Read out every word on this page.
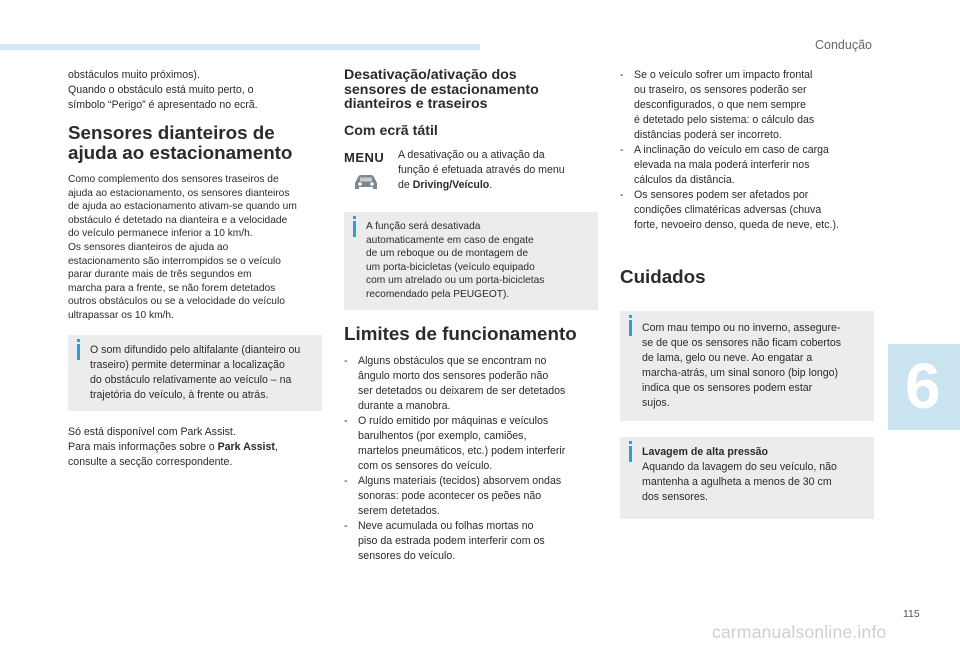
Condução
obstáculos muito próximos).
Quando o obstáculo está muito perto, o
símbolo “Perigo” é apresentado no ecrã.
Sensores dianteiros de
ajuda ao estacionamento
Como complemento dos sensores traseiros de
ajuda ao estacionamento, os sensores dianteiros
de ajuda ao estacionamento ativam-se quando um
obstáculo é detetado na dianteira e a velocidade
do veículo permanece inferior a 10 km/h.
Os sensores dianteiros de ajuda ao
estacionamento são interrompidos se o veículo
parar durante mais de três segundos em
marcha para a frente, se não forem detetados
outros obstáculos ou se a velocidade do veículo
ultrapassar os 10 km/h.
O som difundido pelo altifalante (dianteiro ou
traseiro) permite determinar a localização
do obstáculo relativamente ao veículo – na
trajetória do veículo, à frente ou atrás.
Só está disponível com Park Assist.
Para mais informações sobre o Park Assist,
consulte a secção correspondente.
Desativação/ativação dos
sensores de estacionamento
dianteiros e traseiros
Com ecrã tátil
MENU A desativação ou a ativação da
função é efetuada através do menu
de Driving/Veículo.
A função será desativada
automaticamente em caso de engate
de um reboque ou de montagem de
um porta-bicicletas (veículo equipado
com um atrelado ou um porta-bicicletas
recomendado pela PEUGEOT).
Limites de funcionamento
- Alguns obstáculos que se encontram no
ângulo morto dos sensores poderão não
ser detetados ou deixarem de ser detetados
durante a manobra.
- O ruído emitido por máquinas e veículos
barulhentos (por exemplo, camiões,
martelos pneumáticos, etc.) podem interferir
com os sensores do veículo.
- Alguns materiais (tecidos) absorvem ondas
sonoras: pode acontecer os peões não
serem detetados.
- Neve acumulada ou folhas mortas no
piso da estrada podem interferir com os
sensores do veículo.
- Se o veículo sofrer um impacto frontal
ou traseiro, os sensores poderão ser
desconfigurados, o que nem sempre
é detetado pelo sistema: o cálculo das
distâncias poderá ser incorreto.
- A inclinação do veículo em caso de carga
elevada na mala poderá interferir nos
cálculos da distância.
- Os sensores podem ser afetados por
condições climatéricas adversas (chuva
forte, nevoeiro denso, queda de neve, etc.).
Cuidados
Com mau tempo ou no inverno, assegure-
se de que os sensores não ficam cobertos
de lama, gelo ou neve. Ao engatar a
marcha-atrás, um sinal sonoro (bip longo)
indica que os sensores podem estar
sujos.
Lavagem de alta pressão
Aquando da lavagem do seu veículo, não
mantenha a agulheta a menos de 30 cm
dos sensores.
6
115
carmanualsonline.info
